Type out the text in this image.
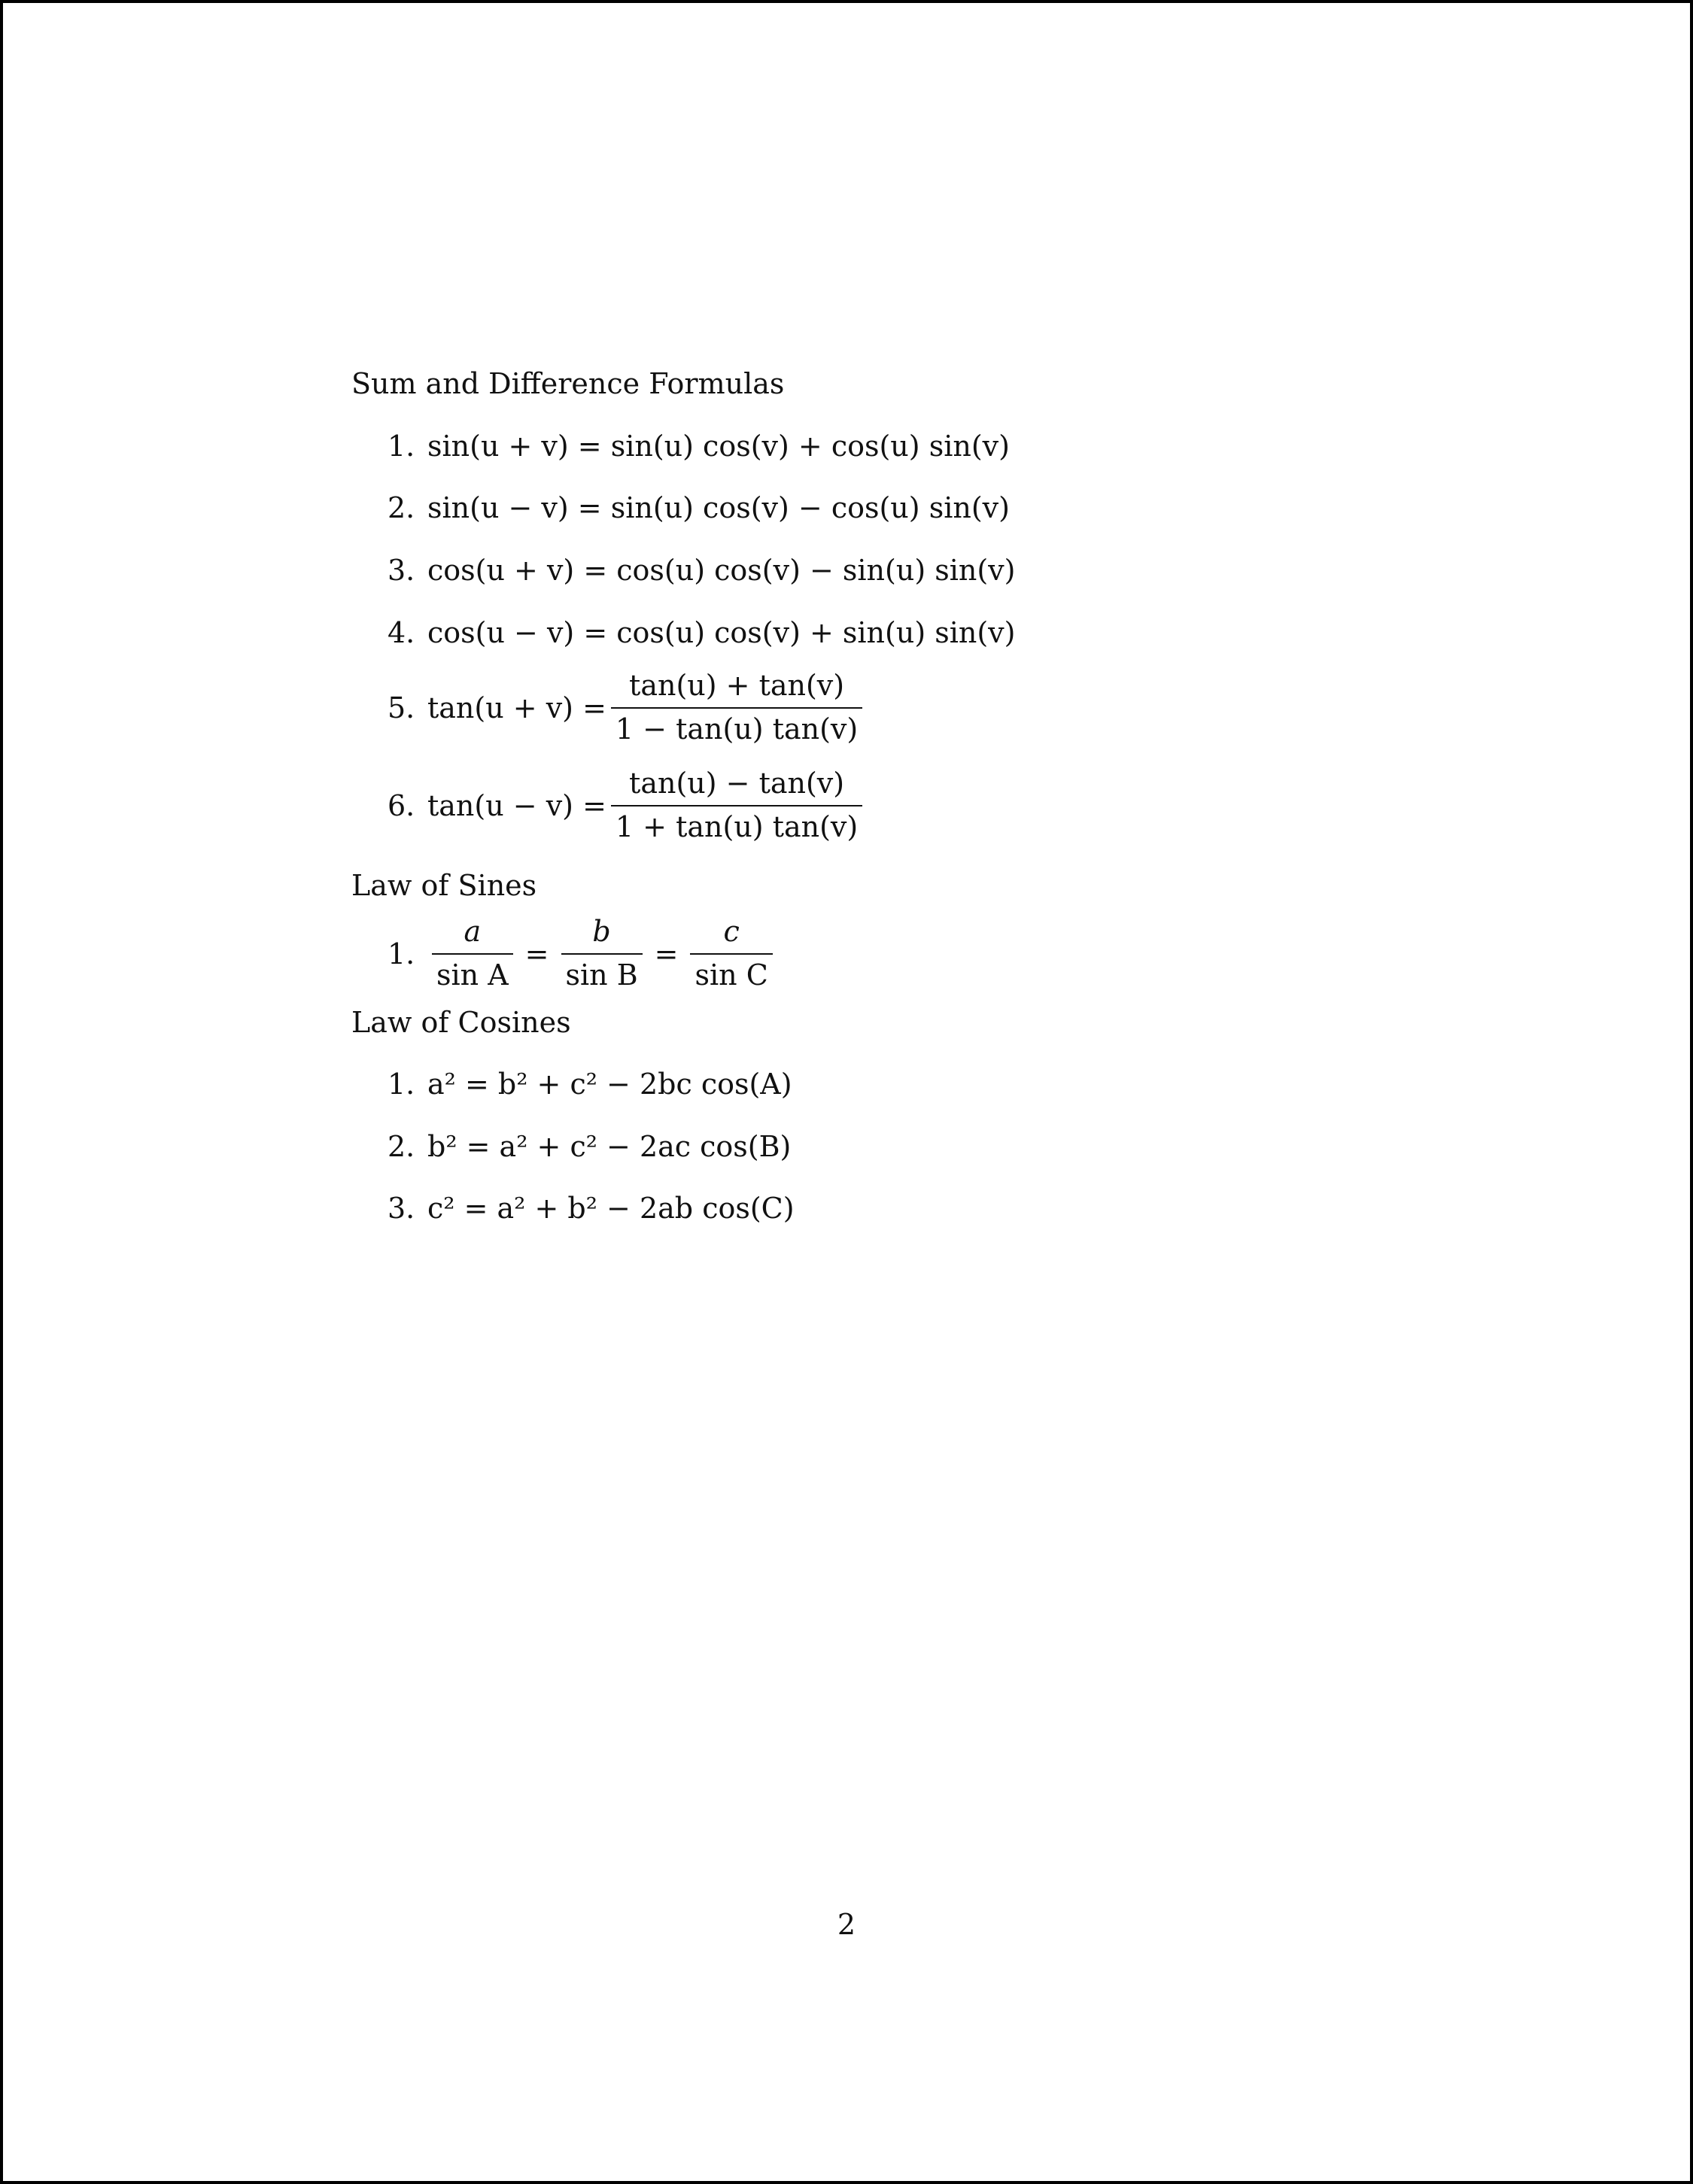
Sum and Difference Formulas
1. sin(u + v) = sin(u) cos(v) + cos(u) sin(v)
2. sin(u − v) = sin(u) cos(v) − cos(u) sin(v)
3. cos(u + v) = cos(u) cos(v) − sin(u) sin(v)
4. cos(u − v) = cos(u) cos(v) + sin(u) sin(v)
5. $\tan(u + v) = \frac{\tan(u) + \tan(v)}{1 - \tan(u) \tan(v)}$
6. $\tan(u - v) = \frac{\tan(u) - \tan(v)}{1 + \tan(u) \tan(v)}$
Law of Sines
1. $\frac{a}{\text{sin A}} = \frac{b}{\text{sin B}} = \frac{c}{\text{sin C}}$
Law of Cosines
1. a² = b² + c² − 2bc cos(A)
2. b² = a² + c² − 2ac cos(B)
3. c² = a² + b² − 2ab cos(C)
2
